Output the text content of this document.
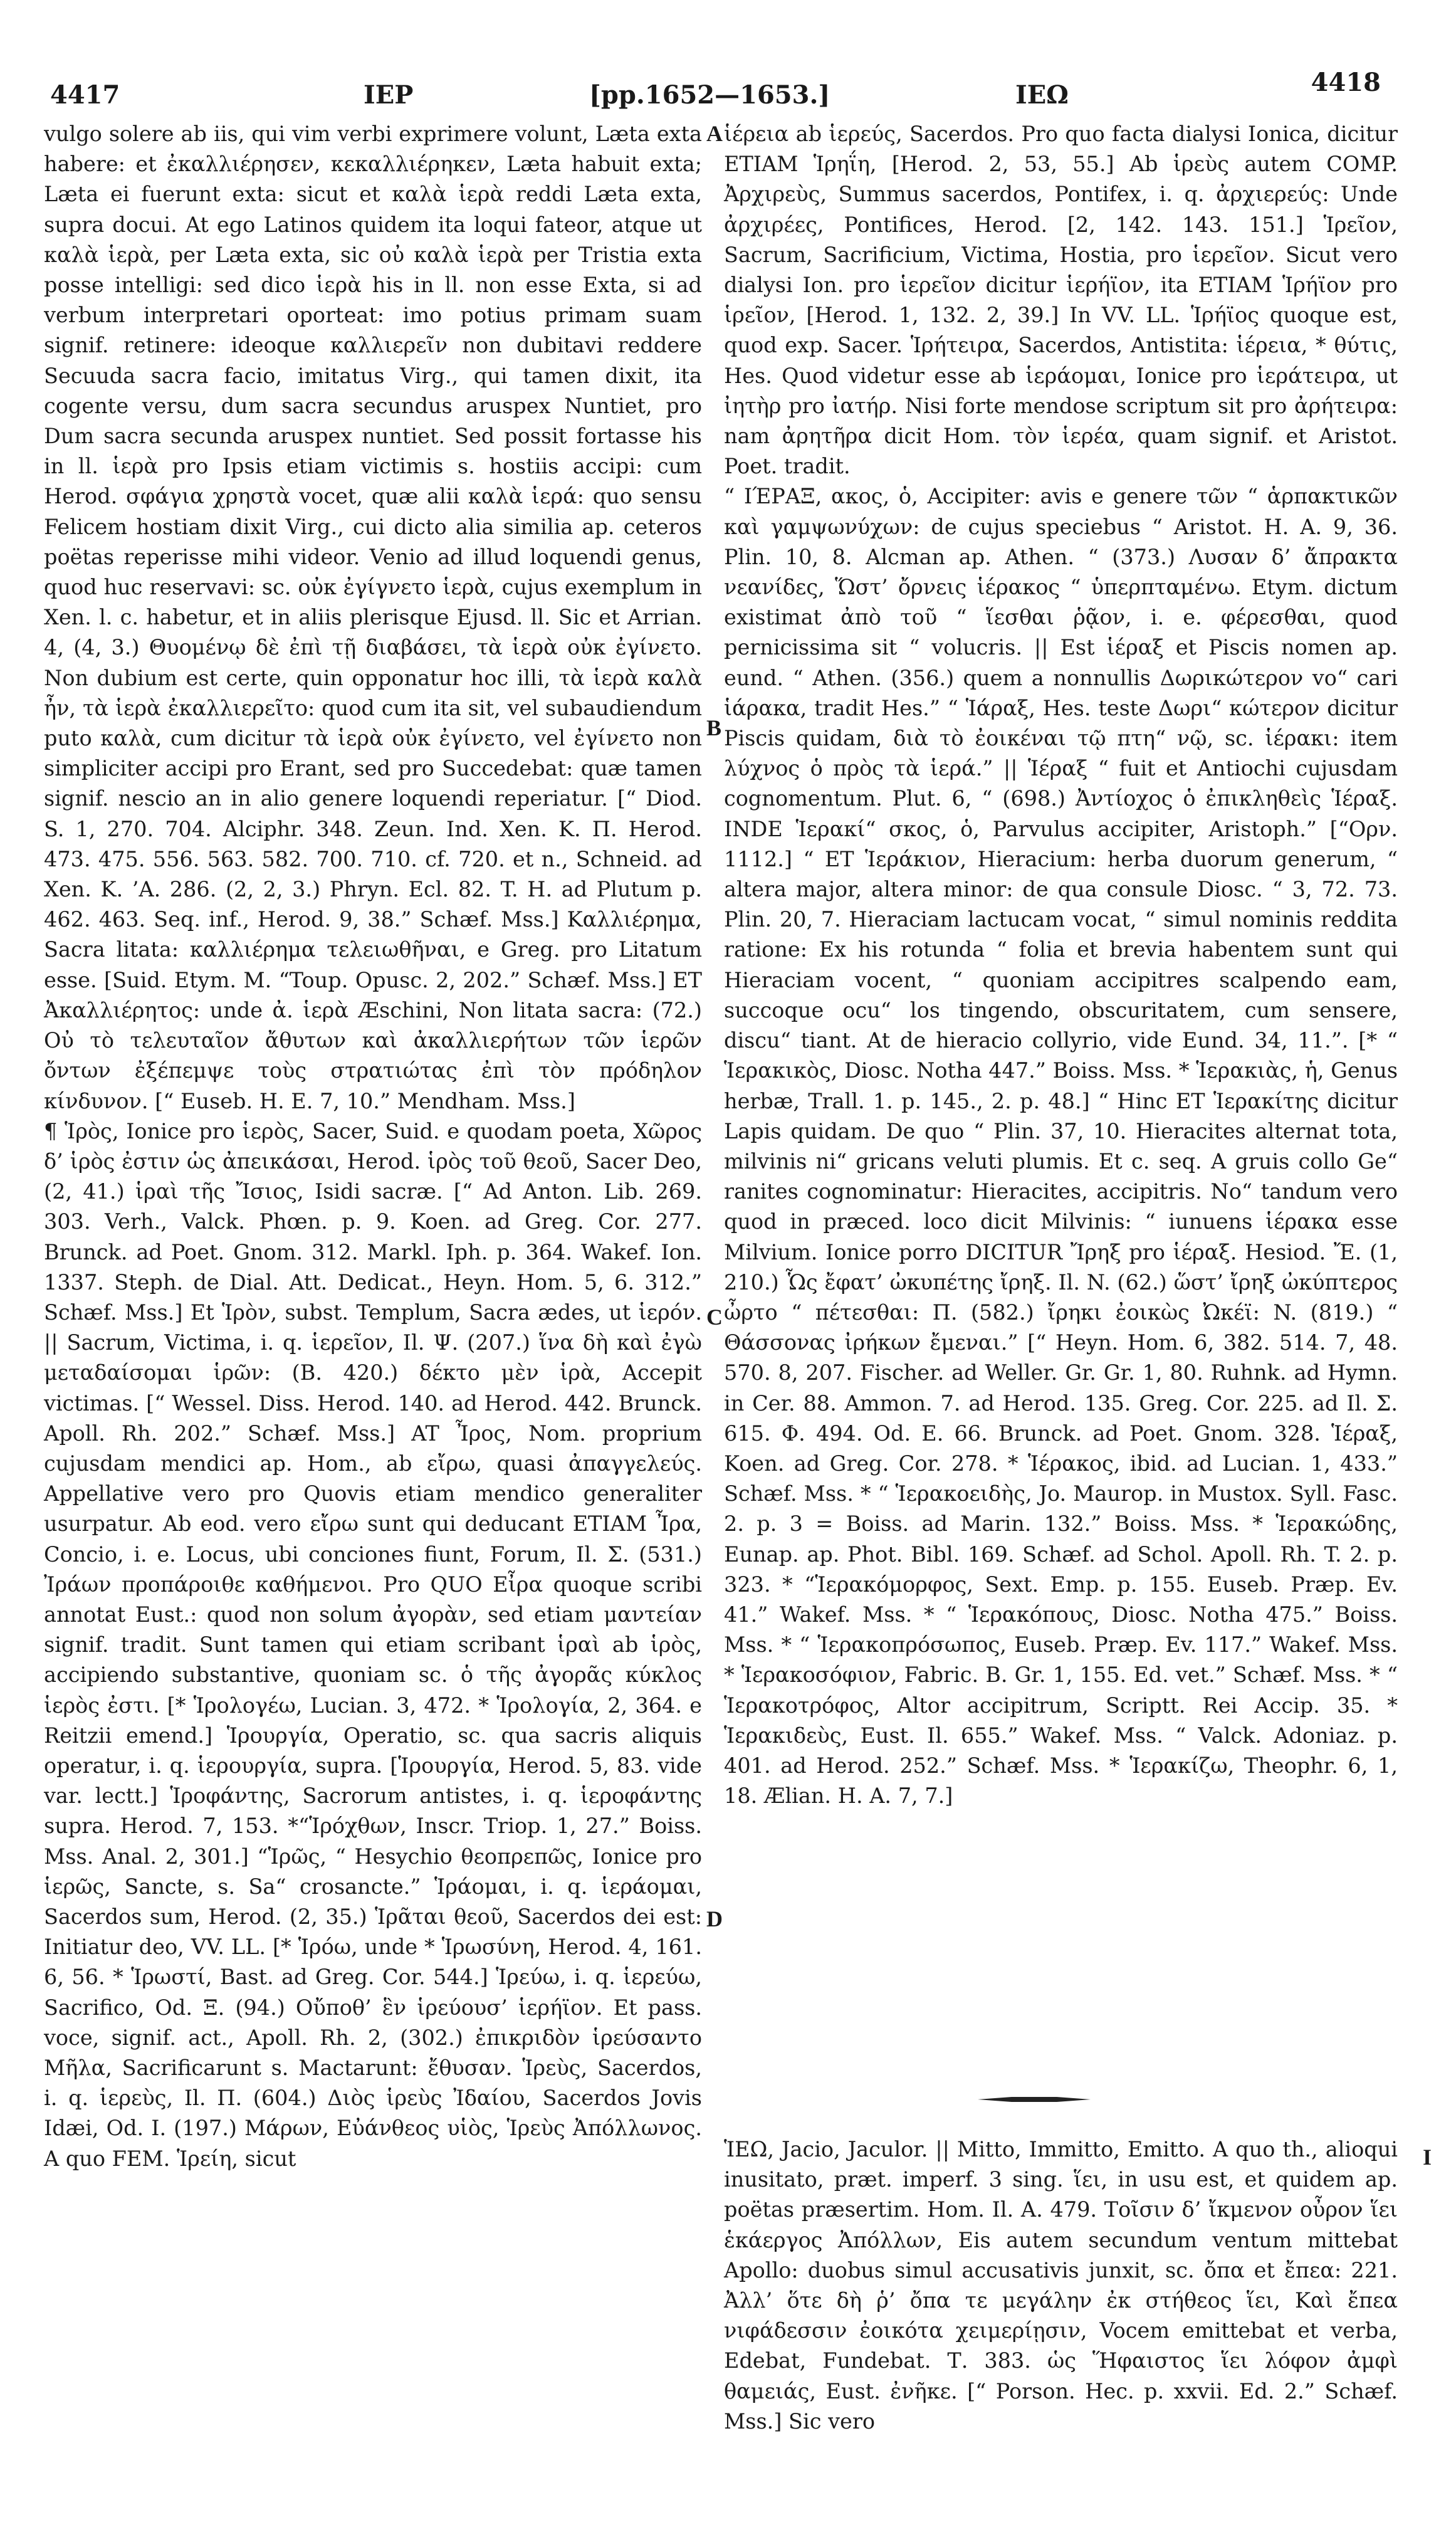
4417	IEP	[pp.1652—1653.]	IEΩ	4418

vulgo solere ab iis, qui vim verbi exprimere volunt, Læta exta habere: et ἐκαλλιέρησεν, κεκαλλιέρηκεν, Læta habuit exta; Læta ei fuerunt exta: sicut et καλὰ ἱερὰ reddi Læta exta, supra docui. At ego Latinos quidem ita loqui fateor, atque ut καλὰ ἱερὰ, per Læta exta, sic οὐ καλὰ ἱερὰ per Tristia exta posse intelligi: sed dico ἱερὰ his in ll. non esse Exta, si ad verbum interpretari oporteat: imo potius primam suam signif. retinere: ideoque καλλιερεῖν non dubitavi reddere Secuuda sacra facio, imitatus Virg., qui tamen dixit, ita cogente versu, dum sacra secundus aruspex Nuntiet, pro Dum sacra secunda aruspex nuntiet. Sed possit fortasse his in ll. ἱερὰ pro Ipsis etiam victimis s. hostiis accipi: cum Herod. σφάγια χρηστὰ vocet, quæ alii καλὰ ἱερά: quo sensu Felicem hostiam dixit Virg., cui dicto alia similia ap. ceteros poëtas reperisse mihi videor. Venio ad illud loquendi genus, quod huc reservavi: sc. οὐκ ἐγίγνετο ἱερὰ, cujus exemplum in Xen. l. c. habetur, et in aliis plerisque Ejusd. ll. Sic et Arrian. 4, (4, 3.) Θυομένῳ δὲ ἐπὶ τῇ διαβάσει, τὰ ἱερὰ οὐκ ἐγίνετο. Non dubium est certe, quin opponatur hoc illi, τὰ ἱερὰ καλὰ ἦν, τὰ ἱερὰ ἐκαλλιερεῖτο: quod cum ita sit, vel subaudiendum puto καλὰ, cum dicitur τὰ ἱερὰ οὐκ ἐγίνετο, vel ἐγίνετο non simpliciter accipi pro Erant, sed pro Succedebat: quæ tamen signif. nescio an in alio genere loquendi reperiatur. [“ Diod. S. 1, 270. 704. Alciphr. 348. Zeun. Ind. Xen. K. Π. Herod. 473. 475. 556. 563. 582. 700. 710. cf. 720. et n., Schneid. ad Xen. K. ’A. 286. (2, 2, 3.) Phryn. Ecl. 82. T. H. ad Plutum p. 462. 463. Seq. inf., Herod. 9, 38.” Schæf. Mss.] Καλλιέρημα, Sacra litata: καλλιέρημα τελειωθῆναι, e Greg. pro Litatum esse. [Suid. Etym. M. “Toup. Opusc. 2, 202.” Schæf. Mss.] ET Ἀκαλλιέρητος: unde ἀ. ἱερὰ Æschini, Non litata sacra: (72.) Οὐ τὸ τελευταῖον ἄθυτων καὶ ἀκαλλιερήτων τῶν ἱερῶν ὄντων ἐξέπεμψε τοὺς στρατιώτας ἐπὶ τὸν πρόδηλον κίνδυνον. [“ Euseb. H. E. 7, 10.” Mendham. Mss.]
¶ Ἱρὸς, Ionice pro ἱερὸς, Sacer, Suid. e quodam poeta, Χῶρος δ’ ἱρὸς ἐστιν ὡς ἀπεικάσαι, Herod. ἱρὸς τοῦ θεοῦ, Sacer Deo, (2, 41.) ἱραὶ τῆς Ἴσιος, Isidi sacræ. [“ Ad Anton. Lib. 269. 303. Verh., Valck. Phœn. p. 9. Koen. ad Greg. Cor. 277. Brunck. ad Poet. Gnom. 312. Markl. Iph. p. 364. Wakef. Ion. 1337. Steph. de Dial. Att. Dedicat., Heyn. Hom. 5, 6. 312.” Schæf. Mss.] Et Ἱρὸν, subst. Templum, Sacra ædes, ut ἱερόν. || Sacrum, Victima, i. q. ἱερεῖον, Il. Ψ. (207.) ἵνα δὴ καὶ ἐγὼ μεταδαίσομαι ἱρῶν: (B. 420.) δέκτο μὲν ἱρὰ, Accepit victimas. [“ Wessel. Diss. Herod. 140. ad Herod. 442. Brunck. Apoll. Rh. 202.” Schæf. Mss.] AT Ἶρος, Nom. proprium cujusdam mendici ap. Hom., ab εἴρω, quasi ἀπαγγελεύς. Appellative vero pro Quovis etiam mendico generaliter usurpatur. Ab eod. vero εἴρω sunt qui deducant ETIAM Ἶρα, Concio, i. e. Locus, ubi conciones fiunt, Forum, Il. Σ. (531.) Ἰράων προπάροιθε καθήμενοι. Pro QUO Εἶρα quoque scribi annotat Eust.: quod non solum ἀγορὰν, sed etiam μαντείαν signif. tradit. Sunt tamen qui etiam scribant ἱραὶ ab ἱρὸς, accipiendo substantive, quoniam sc. ὁ τῆς ἀγορᾶς κύκλος ἱερὸς ἐστι. [* Ἱρολογέω, Lucian. 3, 472. * Ἱρολογία, 2, 364. e Reitzii emend.] Ἱρουργία, Operatio, sc. qua sacris aliquis operatur, i. q. ἱερουργία, supra. [Ἱρουργία, Herod. 5, 83. vide var. lectt.] Ἱροφάντης, Sacrorum antistes, i. q. ἱεροφάντης supra. Herod. 7, 153. *“Ἱρόχθων, Inscr. Triop. 1, 27.” Boiss. Mss. Anal. 2, 301.] “Ἱρῶς, “ Hesychio θεοπρεπῶς, Ionice pro ἱερῶς, Sancte, s. Sa“ crosancte.” Ἱράομαι, i. q. ἱεράομαι, Sacerdos sum, Herod. (2, 35.) Ἱρᾶται θεοῦ, Sacerdos dei est: Initiatur deo, VV. LL. [* Ἱρόω, unde * Ἱρωσύνη, Herod. 4, 161. 6, 56. * Ἱρωστί, Bast. ad Greg. Cor. 544.] Ἱρεύω, i. q. ἱερεύω, Sacrifico, Od. Ξ. (94.) Οὔποθ’ ἓν ἱρεύουσ’ ἱερήϊον. Et pass. voce, signif. act., Apoll. Rh. 2, (302.) ἐπικριδὸν ἱρεύσαντο Μῆλα, Sacrificarunt s. Mactarunt: ἔθυσαν. Ἱρεὺς, Sacerdos, i. q. ἱερεὺς, Il. Π. (604.) Διὸς ἱρεὺς Ἰδαίου, Sacerdos Jovis Idæi, Od. I. (197.) Μάρων, Εὐάνθεος υἱὸς, Ἱρεὺς Ἀπόλλωνος. A quo FEM. Ἱρείη, sicut

A
B
C
D
I

ἱέρεια ab ἱερεύς, Sacerdos. Pro quo facta dialysi Ionica, dicitur ETIAM Ἱρηΐη, [Herod. 2, 53, 55.] Ab ἱρεὺς autem COMP. Ἀρχιρεὺς, Summus sacerdos, Pontifex, i. q. ἀρχιερεύς: Unde ἀρχιρέες, Pontifices, Herod. [2, 142. 143. 151.] Ἱρεῖον, Sacrum, Sacrificium, Victima, Hostia, pro ἱερεῖον. Sicut vero dialysi Ion. pro ἱερεῖον dicitur ἱερήϊον, ita ETIAM Ἱρήϊον pro ἱρεῖον, [Herod. 1, 132. 2, 39.] In VV. LL. Ἱρήϊος quoque est, quod exp. Sacer. Ἱρήτειρα, Sacerdos, Antistita: ἱέρεια, * θύτις, Hes. Quod videtur esse ab ἱεράομαι, Ionice pro ἱεράτειρα, ut ἰητὴρ pro ἰατήρ. Nisi forte mendose scriptum sit pro ἀρήτειρα: nam ἀρητῆρα dicit Hom. τὸν ἱερέα, quam signif. et Aristot. Poet. tradit.
“ ΙΈΡΑΞ, ακος, ὁ, Accipiter: avis e genere τῶν “ ἁρπακτικῶν καὶ γαμψωνύχων: de cujus speciebus “ Aristot. H. A. 9, 36. Plin. 10, 8. Alcman ap. Athen. “ (373.) Λυσαν δ’ ἄπρακτα νεανίδες, Ὥστ’ ὄρνεις ἱέρακος “ ὑπερπταμένω. Etym. dictum existimat ἀπὸ τοῦ “ ἵεσθαι ῥᾷον, i. e. φέρεσθαι, quod pernicissima sit “ volucris. || Est ἱέραξ et Piscis nomen ap. eund. “ Athen. (356.) quem a nonnullis Δωρικώτερον vo“ cari ἱάρακα, tradit Hes.” “ Ἱάραξ, Hes. teste Δωρι“ κώτερον dicitur Piscis quidam, διὰ τὸ ἐοικέναι τῷ πτη“ νῷ, sc. ἱέρακι: item λύχνος ὁ πρὸς τὰ ἱερά.” || Ἱέραξ “ fuit et Antiochi cujusdam cognomentum. Plut. 6, “ (698.) Ἀντίοχος ὁ ἐπικληθεὶς Ἱέραξ. INDE Ἱερακί“ σκος, ὁ, Parvulus accipiter, Aristoph.” [“Ορν. 1112.] “ ET Ἱεράκιον, Hieracium: herba duorum generum, “ altera major, altera minor: de qua consule Diosc. “ 3, 72. 73. Plin. 20, 7. Hieraciam lactucam vocat, “ simul nominis reddita ratione: Ex his rotunda “ folia et brevia habentem sunt qui Hieraciam vocent, “ quoniam accipitres scalpendo eam, succoque ocu“ los tingendo, obscuritatem, cum senserе, discu“ tiant. At de hieracio collyrio, vide Eund. 34, 11.”. [* “ Ἱερακικὸς, Diosc. Notha 447.” Boiss. Mss. * Ἱερακιὰς, ἡ, Genus herbæ, Trall. 1. p. 145., 2. p. 48.] “ Hinc ET Ἱερακίτης dicitur Lapis quidam. De quo “ Plin. 37, 10. Hieracites alternat tota, milvinis ni“ gricans veluti plumis. Et c. seq. A gruis collo Ge“ ranites cognominatur: Hieracites, accipitris. No“ tandum vero quod in præced. loco dicit Milvinis: “ iunuens ἱέρακα esse Milvium. Ionice porro DICITUR Ἴρηξ pro ἱέραξ. Hesiod. Ἔ. (1, 210.) Ὧς ἔφατ’ ὠκυπέτης ἴρηξ. Il. N. (62.) ὥστ’ ἴρηξ ὠκύπτερος ὦρτο “ πέτεσθαι: Π. (582.) ἴρηκι ἐοικὼς Ὠκέϊ: N. (819.) “ Θάσσονας ἰρήκων ἔμεναι.” [“ Heyn. Hom. 6, 382. 514. 7, 48. 570. 8, 207. Fischer. ad Weller. Gr. Gr. 1, 80. Ruhnk. ad Hymn. in Cer. 88. Ammon. 7. ad Herod. 135. Greg. Cor. 225. ad Il. Σ. 615. Φ. 494. Od. E. 66. Brunck. ad Poet. Gnom. 328. Ἱέραξ, Koen. ad Greg. Cor. 278. * Ἱέρακος, ibid. ad Lucian. 1, 433.” Schæf. Mss. * “ Ἱερακοειδὴς, Jo. Maurop. in Mustox. Syll. Fasc. 2. p. 3 = Boiss. ad Marin. 132.” Boiss. Mss. * Ἱερακώδης, Eunap. ap. Phot. Bibl. 169. Schæf. ad Schol. Apoll. Rh. T. 2. p. 323. * “Ἱερακόμορφος, Sext. Emp. p. 155. Euseb. Præp. Ev. 41.” Wakef. Mss. * “ Ἱερακόπους, Diosc. Notha 475.” Boiss. Mss. * “ Ἱερακοπρόσωπος, Euseb. Præp. Ev. 117.” Wakef. Mss. * Ἱερακοσόφιον, Fabric. B. Gr. 1, 155. Ed. vet.” Schæf. Mss. * “ Ἱερακοτρόφος, Altor accipitrum, Scriptt. Rei Accip. 35. * Ἱερακιδεὺς, Eust. Il. 655.” Wakef. Mss. “ Valck. Adoniaz. p. 401. ad Herod. 252.” Schæf. Mss. * Ἱερακίζω, Theophr. 6, 1, 18. Ælian. H. A. 7, 7.]

ἹΕΩ, Jacio, Jaculor. || Mitto, Immitto, Emitto. A quo th., alioqui inusitato, præt. imperf. 3 sing. ἵει, in usu est, et quidem ap. poëtas præsertim. Hom. Il. A. 479. Τοῖσιν δ’ ἴκμενον οὖρον ἵει ἑκάεργος Ἀπόλλων, Eis autem secundum ventum mittebat Apollo: duobus simul accusativis junxit, sc. ὄπα et ἔπεα: 221. Ἀλλ’ ὅτε δὴ ῥ’ ὄπα τε μεγάλην ἐκ στήθεος ἵει, Καὶ ἔπεα νιφάδεσσιν ἐοικότα χειμερίῃσιν, Vocem emittebat et verba, Edebat, Fundebat. Τ. 383. ὡς Ἥφαιστος ἵει λόφον ἀμφὶ θαμειάς, Eust. ἐνῆκε. [“ Porson. Hec. p. xxvii. Ed. 2.” Schæf. Mss.] Sic vero
